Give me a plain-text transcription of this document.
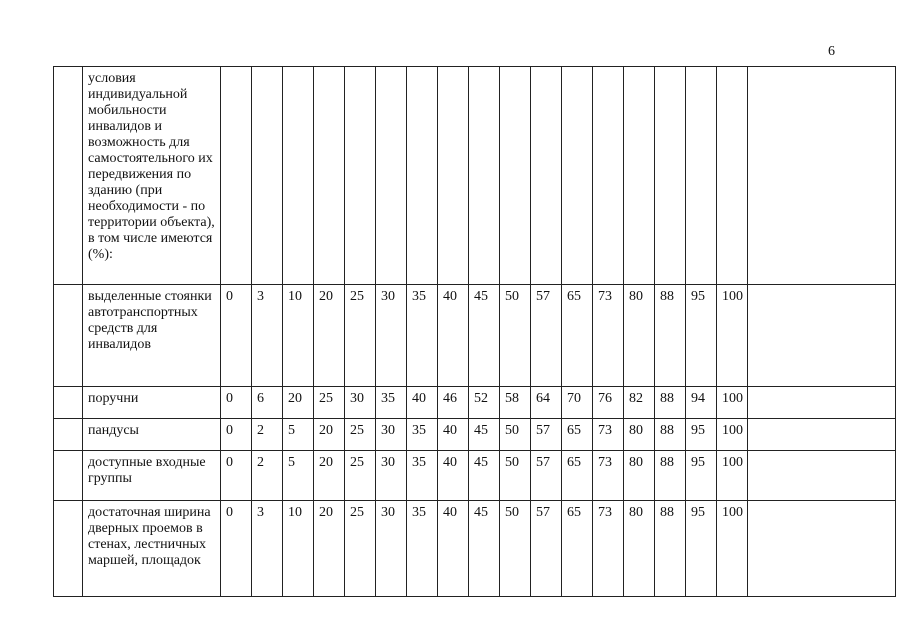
6
	условия индивидуальной мобильности инвалидов и возможность для самостоятельного их передвижения по зданию (при необходимости - по территории объекта), в том числе имеются (%):																		
	выделенные стоянки автотранспортных средств для инвалидов	0	3	10	20	25	30	35	40	45	50	57	65	73	80	88	95	100	
	поручни	0	6	20	25	30	35	40	46	52	58	64	70	76	82	88	94	100	
	пандусы	0	2	5	20	25	30	35	40	45	50	57	65	73	80	88	95	100	
	доступные входные группы	0	2	5	20	25	30	35	40	45	50	57	65	73	80	88	95	100	
	достаточная ширина дверных проемов в стенах, лестничных маршей, площадок	0	3	10	20	25	30	35	40	45	50	57	65	73	80	88	95	100	
